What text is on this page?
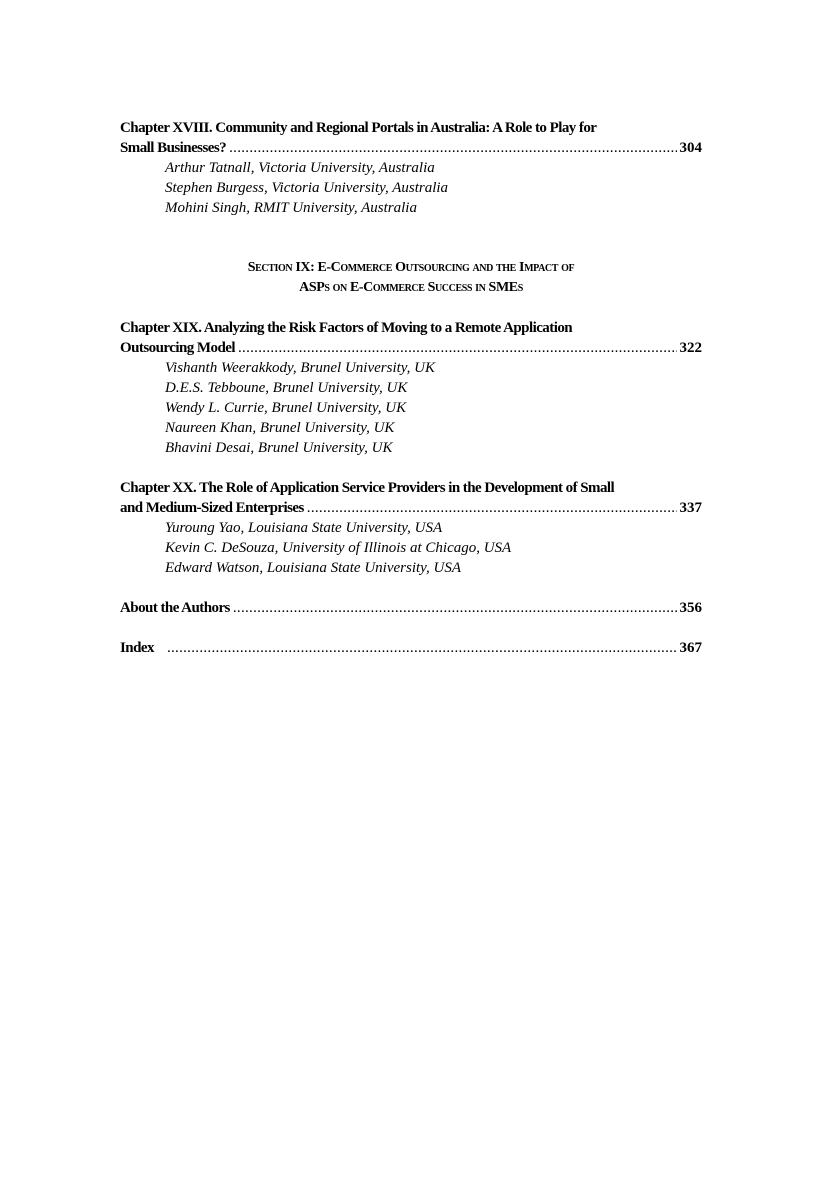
Chapter XVIII. Community and Regional Portals in Australia: A Role to Play for
Small Businesses? .....	304
Arthur Tatnall, Victoria University, Australia
Stephen Burgess, Victoria University, Australia
Mohini Singh, RMIT University, Australia
Section IX: E-Commerce Outsourcing and the Impact of
ASPs on E-Commerce Success in SMEs
Chapter XIX. Analyzing the Risk Factors of Moving to a Remote Application
Outsourcing Model .....	322
Vishanth Weerakkody, Brunel University, UK
D.E.S. Tebboune, Brunel University, UK
Wendy L. Currie, Brunel University, UK
Naureen Khan, Brunel University, UK
Bhavini Desai, Brunel University, UK
Chapter XX. The Role of Application Service Providers in the Development of Small
and Medium-Sized Enterprises .....	337
Yuroung Yao, Louisiana State University, USA
Kevin C. DeSouza, University of Illinois at Chicago, USA
Edward Watson, Louisiana State University, USA
About the Authors .....	356
Index .....	367
